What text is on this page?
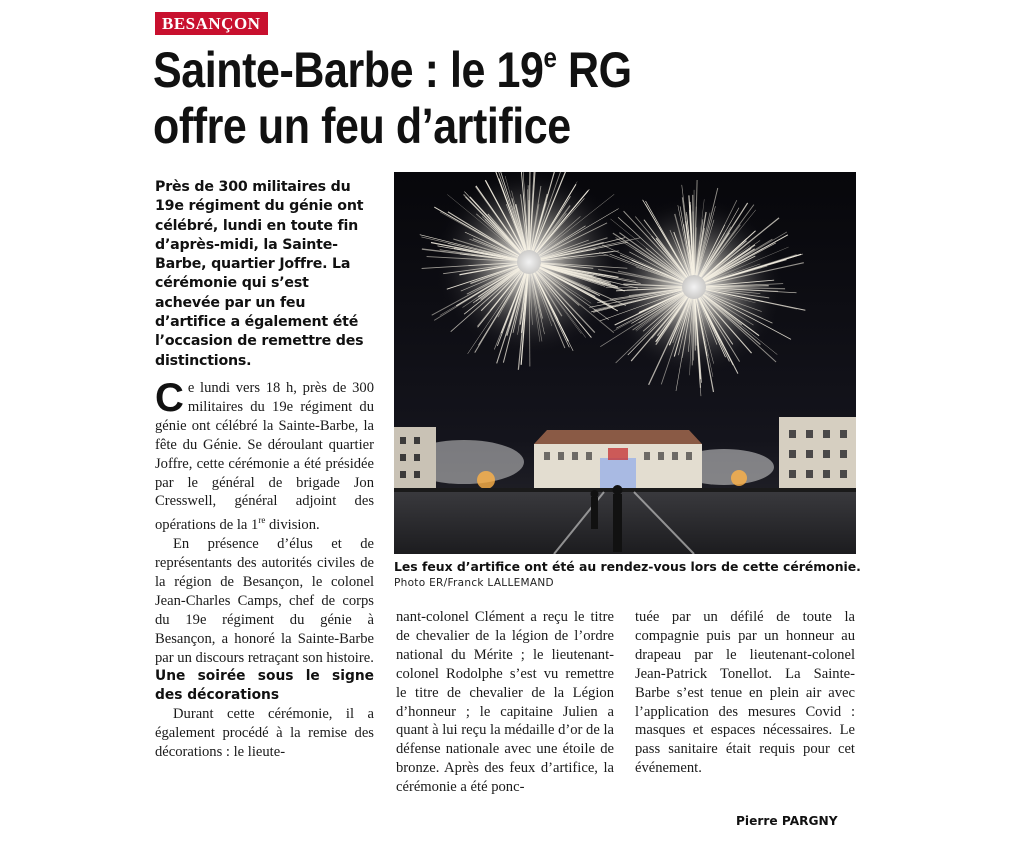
BESANÇON
Sainte-Barbe : le 19e RG
offre un feu d’artifice

Près de 300 militaires du 19e régiment du génie ont célébré, lundi en toute fin d’après-midi, la Sainte-Barbe, quartier Joffre. La cérémonie qui s’est achevée par un feu d’artifice a également été l’occasion de remettre des distinctions.

Ce lundi vers 18 h, près de 300 militaires du 19e régiment du génie ont célébré la Sainte-Barbe, la fête du Génie. Se déroulant quartier Joffre, cette cérémonie a été présidée par le général de brigade Jon Cresswell, général adjoint des opérations de la 1re division.

En présence d’élus et de représentants des autorités civiles de la région de Besançon, le colonel Jean-Charles Camps, chef de corps du 19e régiment du génie à Besançon, a honoré la Sainte-Barbe par un discours retraçant son histoire.

Une soirée sous le signe des décorations

Durant cette cérémonie, il a également procédé à la remise des décorations : le lieute-

Les feux d’artifice ont été au rendez-vous lors de cette cérémonie.

Photo ER/Franck LALLEMAND

nant-colonel Clément a reçu le titre de chevalier de la légion de l’ordre national du Mérite ; le lieutenant-colonel Rodolphe s’est vu remettre le titre de chevalier de la Légion d’honneur ; le capitaine Julien a quant à lui reçu la médaille d’or de la défense nationale avec une étoile de bronze. Après des feux d’artifice, la cérémonie a été ponc-

tuée par un défilé de toute la compagnie puis par un honneur au drapeau par le lieutenant-colonel Jean-Patrick Tonellot. La Sainte-Barbe s’est tenue en plein air avec l’application des mesures Covid : masques et espaces nécessaires. Le pass sanitaire était requis pour cet événement.

Pierre PARGNY
